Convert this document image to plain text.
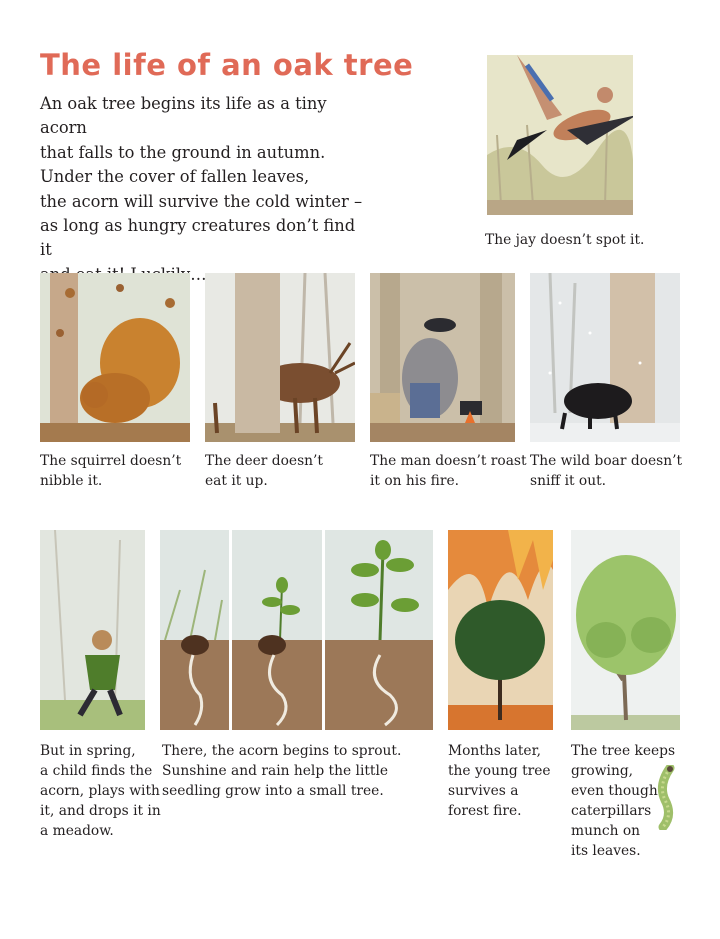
The life of an oak tree
An oak tree begins its life as a tiny acorn
that falls to the ground in autumn.
Under the cover of fallen leaves,
the acorn will survive the cold winter –
as long as hungry creatures don’t find it

The jay doesn’t spot it.
The squirrel doesn’t
nibble it.
The deer doesn’t
eat it up.
The man doesn’t roast
it on his fire.
The wild boar doesn’t
sniff it out.
But in spring,
a child finds the
acorn, plays with
it, and drops it in
a meadow.
There, the acorn begins to sprout.
Sunshine and rain help the little
seedling grow into a small tree.
Months later,
the young tree
survives a
forest fire.
The tree keeps
growing,
even though
caterpillars
munch on
its leaves.
